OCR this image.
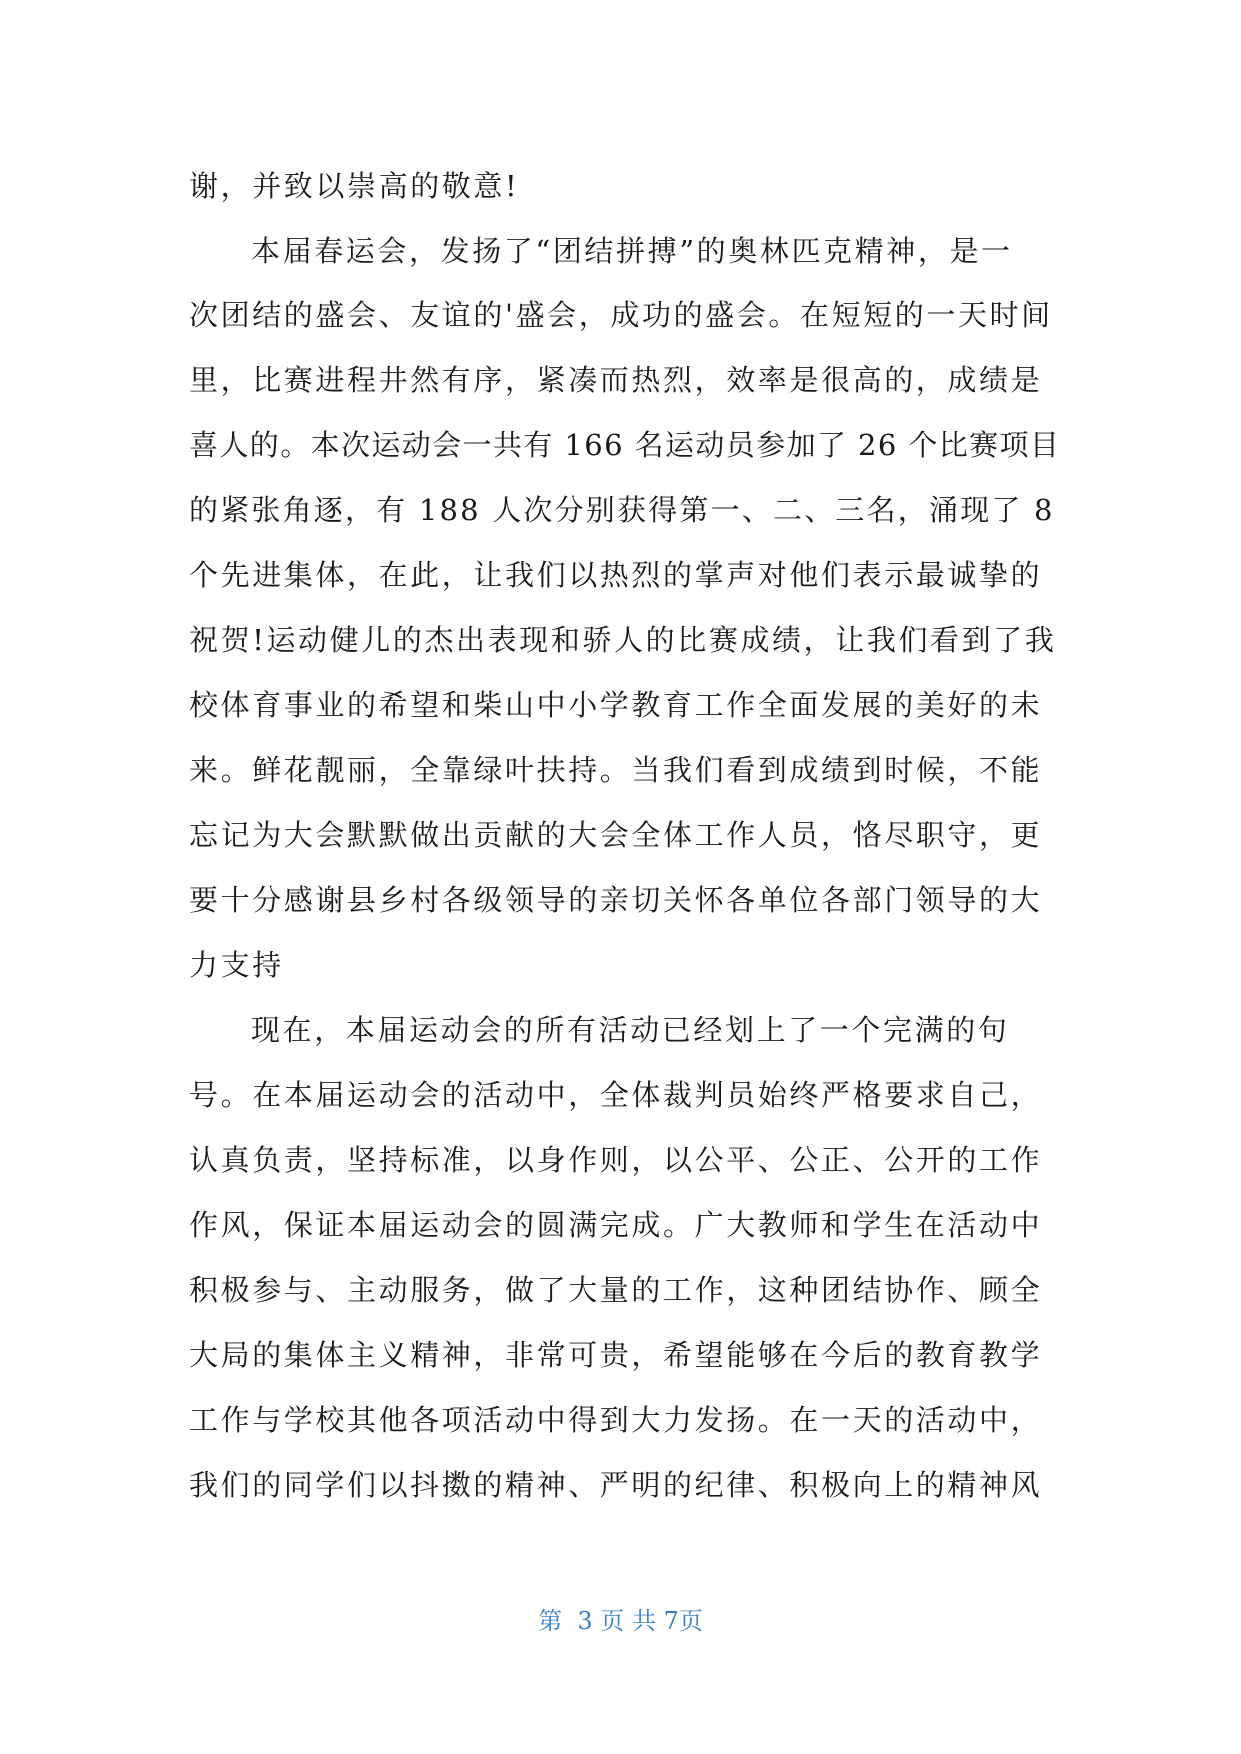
谢，并致以崇高的敬意!
本届春运会，发扬了“团结拼搏”的奥林匹克精神，是一
次团结的盛会、友谊的'盛会，成功的盛会。在短短的一天时间
里，比赛进程井然有序，紧凑而热烈，效率是很高的，成绩是
喜人的。本次运动会一共有 166 名运动员参加了 26 个比赛项目
的紧张角逐，有 188 人次分别获得第一、二、三名，涌现了 8
个先进集体，在此，让我们以热烈的掌声对他们表示最诚挚的
祝贺!运动健儿的杰出表现和骄人的比赛成绩，让我们看到了我
校体育事业的希望和柴山中小学教育工作全面发展的美好的未
来。鲜花靓丽，全靠绿叶扶持。当我们看到成绩到时候，不能
忘记为大会默默做出贡献的大会全体工作人员，恪尽职守，更
要十分感谢县乡村各级领导的亲切关怀各单位各部门领导的大
力支持
现在，本届运动会的所有活动已经划上了一个完满的句
号。在本届运动会的活动中，全体裁判员始终严格要求自己，
认真负责，坚持标准，以身作则，以公平、公正、公开的工作
作风，保证本届运动会的圆满完成。广大教师和学生在活动中
积极参与、主动服务，做了大量的工作，这种团结协作、顾全
大局的集体主义精神，非常可贵，希望能够在今后的教育教学
工作与学校其他各项活动中得到大力发扬。在一天的活动中，
我们的同学们以抖擞的精神、严明的纪律、积极向上的精神风
第  3 页 共 7页
